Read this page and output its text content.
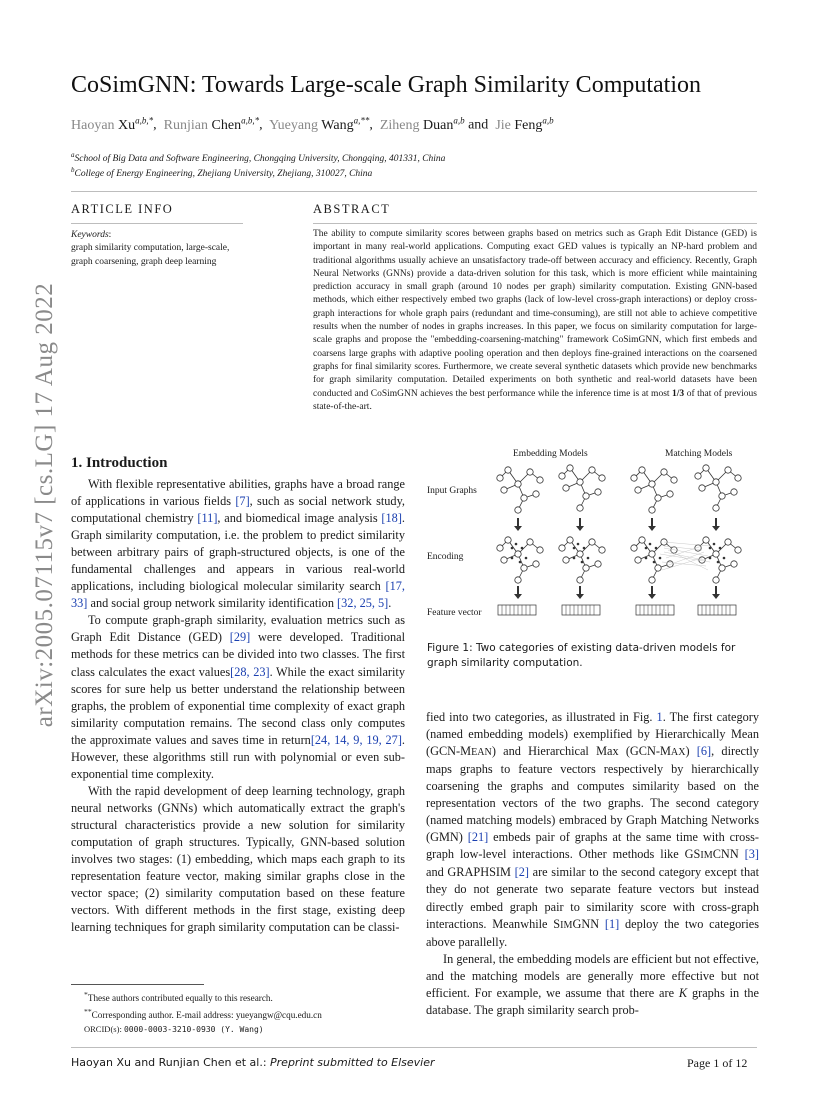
arXiv:2005.07115v7 [cs.LG] 17 Aug 2022
CoSimGNN: Towards Large-scale Graph Similarity Computation
Haoyan $Xu^{a,b,*}$,  Runjian Chen$^{a,b,*}$,  Yueyang Wang$^{a,**}$,  Ziheng Duan$^{a,b}$ and  Jie Feng$^{a,b}$
$^a$School of Big Data and Software Engineering, Chongqing University, Chongqing, 401331, China
$^b$College of Energy Engineering, Zhejiang University, Zhejiang, 310027, China
ARTICLE INFO
Keywords:
graph similarity computation, large-scale,
graph coarsening, graph deep learning
ABSTRACT
The ability to compute similarity scores between graphs based on metrics such as Graph Edit Distance (GED) is important in many real-world applications. Computing exact GED values is typically an NP-hard problem and traditional algorithms usually achieve an unsatisfactory trade-off between accuracy and efficiency. Recently, Graph Neural Networks (GNNs) provide a data-driven solution for this task, which is more efficient while maintaining prediction accuracy in small graph (around 10 nodes per graph) similarity computation. Existing GNN-based methods, which either respectively embed two graphs (lack of low-level cross-graph interactions) or deploy cross-graph interactions for whole graph pairs (redundant and time-consuming), are still not able to achieve competitive results when the number of nodes in graphs increases. In this paper, we focus on similarity computation for large-scale graphs and propose the "embedding-coarsening-matching" framework CoSimGNN, which first embeds and coarsens large graphs with adaptive pooling operation and then deploys fine-grained interactions on the coarsened graphs for final similarity scores. Furthermore, we create several synthetic datasets which provide new benchmarks for graph similarity computation. Detailed experiments on both synthetic and real-world datasets have been conducted and CoSimGNN achieves the best performance while the inference time is at most 1/3 of that of previous state-of-the-art.
1. Introduction

With flexible representative abilities, graphs have a broad range of applications in various fields [7], such as social network study, computational chemistry [11], and biomedical image analysis [18]. Graph similarity computation, i.e. the problem to predict similarity between arbitrary pairs of graph-structured objects, is one of the fundamental challenges and appears in various real-world applications, including biological molecular similarity search [17, 33] and social group network similarity identification [32, 25, 5].

To compute graph-graph similarity, evaluation metrics such as Graph Edit Distance (GED) [29] were developed. Traditional methods for these metrics can be divided into two classes. The first class calculates the exact values[28, 23]. While the exact similarity scores for sure help us better understand the relationship between graphs, the problem of exponential time complexity of exact graph similarity computation remains. The second class only computes the approximate values and saves time in return[24, 14, 9, 19, 27]. However, these algorithms still run with polynomial or even sub-exponential time complexity.

With the rapid development of deep learning technology, graph neural networks (GNNs) which automatically extract the graph's structural characteristics provide a new solution for similarity computation of graph structures. Typically, GNN-based solution involves two stages: (1) embedding, which maps each graph to its representation feature vector, making similar graphs close in the vector space; (2) similarity computation based on these feature vectors. With different methods in the first stage, existing deep learning techniques for graph similarity computation can be classi-

Embedding Models	Matching Models
Input Graphs
Encoding
Feature vector
Figure 1: Two categories of existing data-driven models for graph similarity computation.

fied into two categories, as illustrated in Fig. 1. The first category (named embedding models) exemplified by Hierarchically Mean (GCN-MEAN) and Hierarchical Max (GCN-MAX) [6], directly maps graphs to feature vectors respectively by hierarchically coarsening the graphs and computes similarity based on the representation vectors of the two graphs. The second category (named matching models) embraced by Graph Matching Networks (GMN) [21] embeds pair of graphs at the same time with cross-graph low-level interactions. Other methods like GSIMCNN [3] and GRAPHSIM [2] are similar to the second category except that they do not generate two separate feature vectors but instead directly embed graph pair to similarity score with cross-graph interactions. Meanwhile SIMGNN [1] deploy the two categories above parallelly.

In general, the embedding models are efficient but not effective, and the matching models are generally more effective but not efficient. For example, we assume that there are K graphs in the database. The graph similarity search prob-

*These authors contributed equally to this research.
**Corresponding author. E-mail address: yueyangw@cqu.edu.cn
ORCID(s): 0000-0003-3210-0930 (Y. Wang)
Haoyan Xu and Runjian Chen et al.: Preprint submitted to Elsevier	Page 1 of 12
